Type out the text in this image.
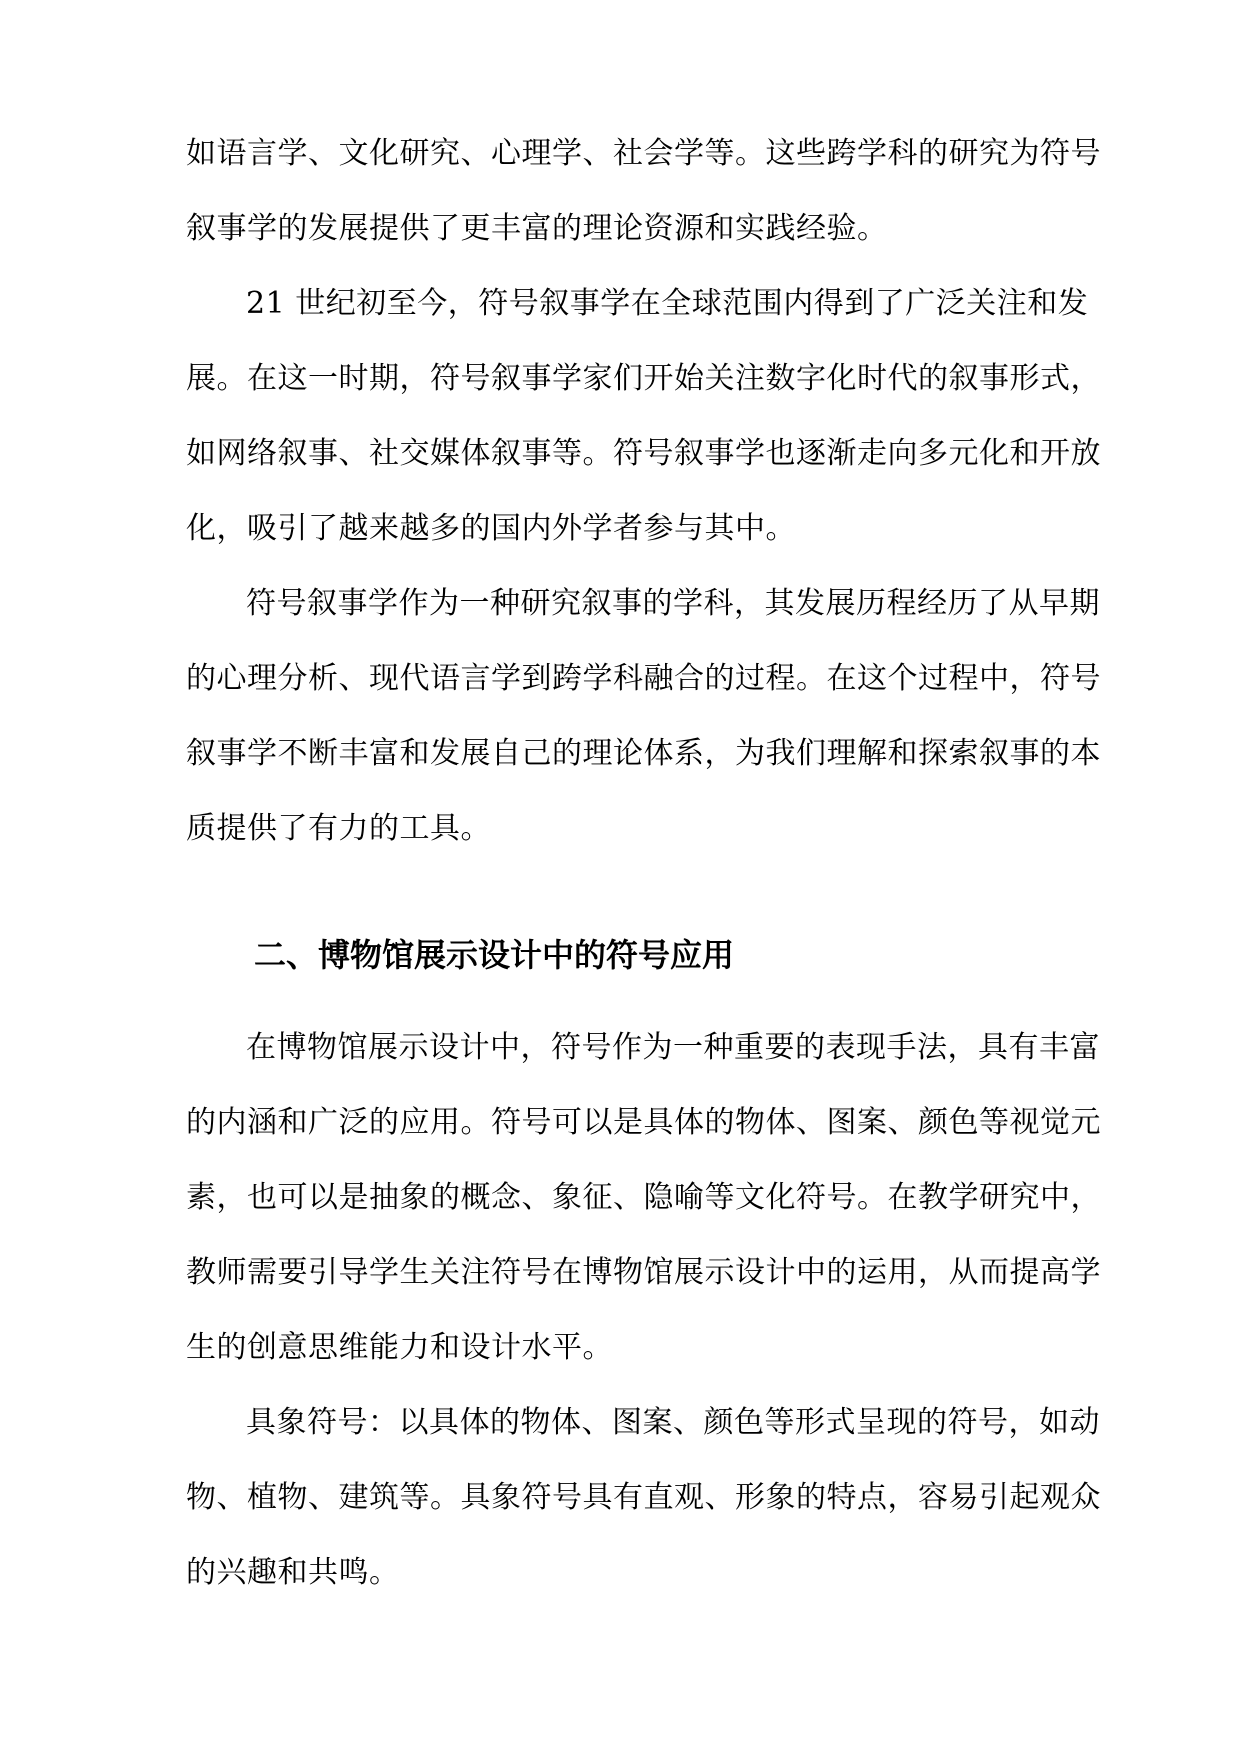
如语言学、文化研究、心理学、社会学等。这些跨学科的研究为符号
叙事学的发展提供了更丰富的理论资源和实践经验。
21 世纪初至今，符号叙事学在全球范围内得到了广泛关注和发
展。在这一时期，符号叙事学家们开始关注数字化时代的叙事形式，
如网络叙事、社交媒体叙事等。符号叙事学也逐渐走向多元化和开放
化，吸引了越来越多的国内外学者参与其中。
符号叙事学作为一种研究叙事的学科，其发展历程经历了从早期
的心理分析、现代语言学到跨学科融合的过程。在这个过程中，符号
叙事学不断丰富和发展自己的理论体系，为我们理解和探索叙事的本
质提供了有力的工具。
二、博物馆展示设计中的符号应用
在博物馆展示设计中，符号作为一种重要的表现手法，具有丰富
的内涵和广泛的应用。符号可以是具体的物体、图案、颜色等视觉元
素，也可以是抽象的概念、象征、隐喻等文化符号。在教学研究中，
教师需要引导学生关注符号在博物馆展示设计中的运用，从而提高学
生的创意思维能力和设计水平。
具象符号：以具体的物体、图案、颜色等形式呈现的符号，如动
物、植物、建筑等。具象符号具有直观、形象的特点，容易引起观众
的兴趣和共鸣。
